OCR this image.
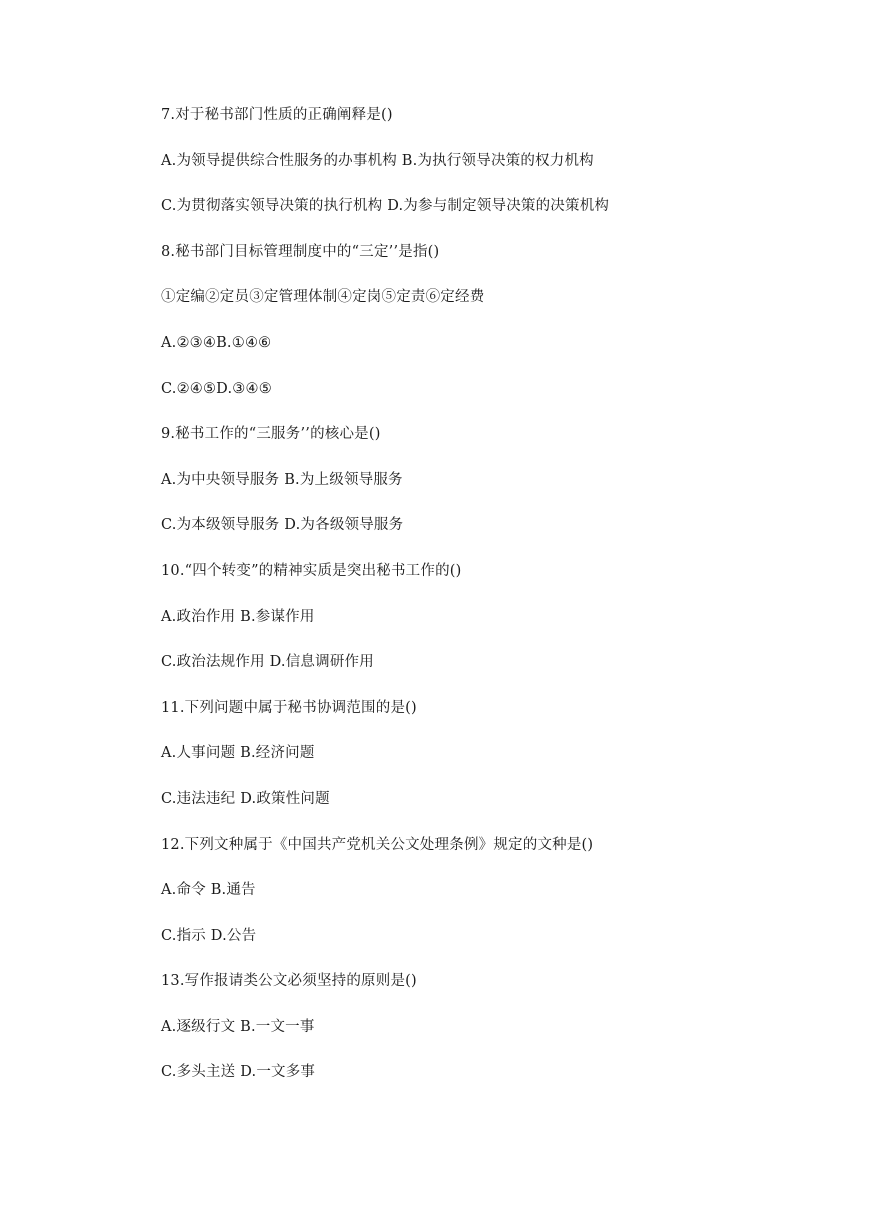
7.对于秘书部门性质的正确阐释是()
A.为领导提供综合性服务的办事机构 B.为执行领导决策的权力机构
C.为贯彻落实领导决策的执行机构 D.为参与制定领导决策的决策机构
8.秘书部门目标管理制度中的“三定’’是指()
①定编②定员③定管理体制④定岗⑤定责⑥定经费
A.②③④B.①④⑥
C.②④⑤D.③④⑤
9.秘书工作的“三服务’’的核心是()
A.为中央领导服务 B.为上级领导服务
C.为本级领导服务 D.为各级领导服务
10.“四个转变”的精神实质是突出秘书工作的()
A.政治作用 B.参谋作用
C.政治法规作用 D.信息调研作用
11.下列问题中属于秘书协调范围的是()
A.人事问题 B.经济问题
C.违法违纪 D.政策性问题
12.下列文种属于《中国共产党机关公文处理条例》规定的文种是()
A.命令 B.通告
C.指示 D.公告
13.写作报请类公文必须坚持的原则是()
A.逐级行文 B.一文一事
C.多头主送 D.一文多事
